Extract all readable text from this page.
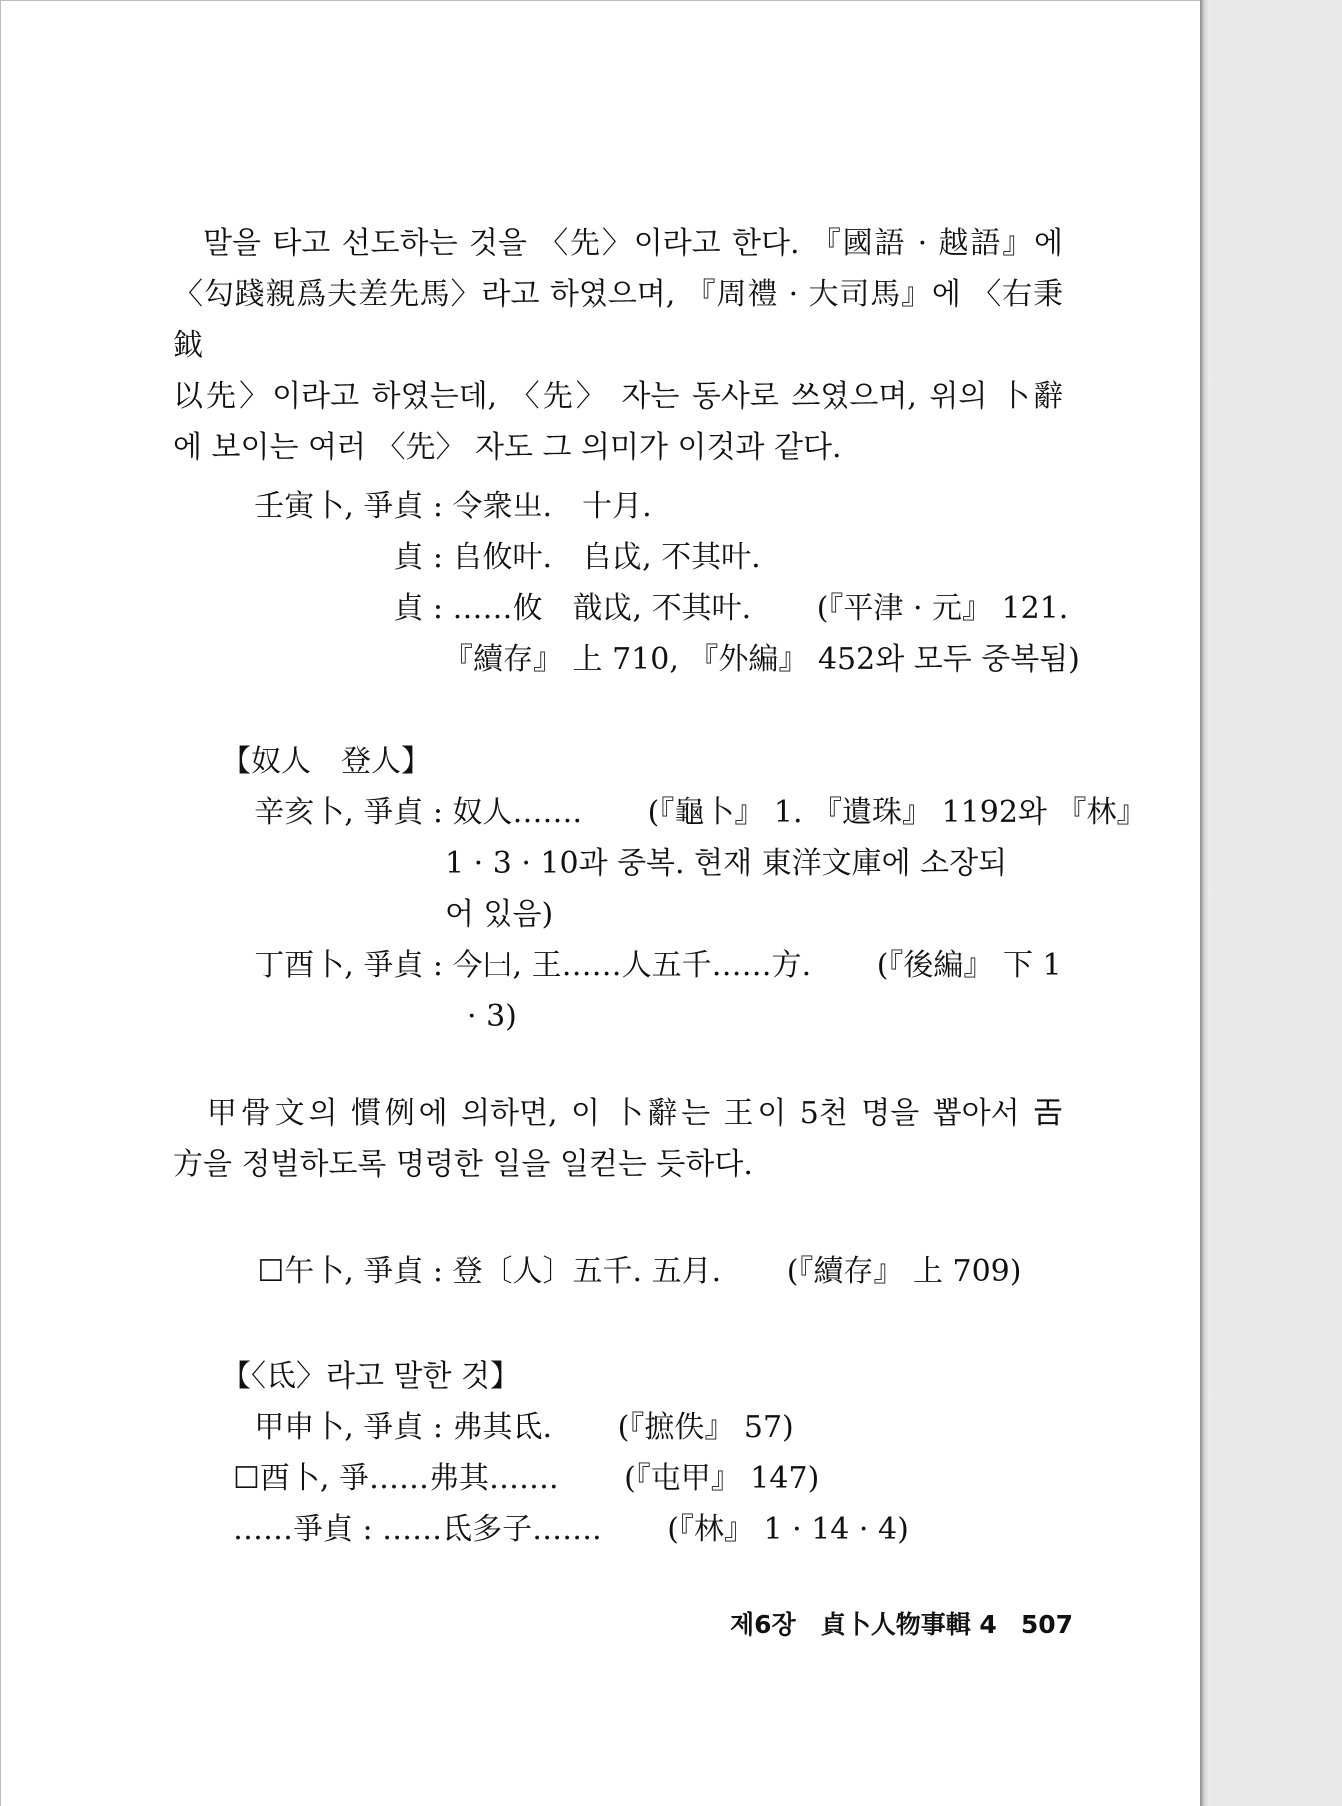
말을 타고 선도하는 것을 〈先〉이라고 한다. 『國語 · 越語』에
〈勾踐親爲夫差先馬〉라고 하였으며, 『周禮 · 大司馬』에 〈右秉鉞
以先〉이라고 하였는데, 〈先〉 자는 동사로 쓰였으며, 위의 卜辭

에 보이는 여러 〈先〉 자도 그 의미가 이것과 같다.

壬寅卜, 爭貞 : 令衆㞢.　十月.
貞 : 𠂤攸叶.　𠂤戉, 不其叶.
貞 : ……攸　戠戉, 不其叶. (『平津 · 元』 121.
『續存』 上 710, 『外編』 452와 모두 중복됨)
【奴人　登人】
辛亥卜, 爭貞 : 奴人……. (『龜卜』 1. 『遺珠』 1192와 『林』
1 · 3 · 10과 중복. 현재 東洋文庫에 소장되
어 있음)
丁酉卜, 爭貞 : 今𠙵, 王……人五千……方. (『後編』 下 1
· 3)

甲骨文의 慣例에 의하면, 이 卜辭는 王이 5천 명을 뽑아서 𢀛

方을 정벌하도록 명령한 일을 일컫는 듯하다.

☐午卜, 爭貞 : 登〔人〕五千. 五月. (『續存』 上 709)
【〈氐〉라고 말한 것】
甲申卜, 爭貞 : 弗其氐. (『摭佚』 57)
☐酉卜, 爭……弗其……. (『屯甲』 147)
……爭貞 : ……氐多子……. (『林』 1 · 14 · 4)
제6장　貞卜人物事輯 4 507
